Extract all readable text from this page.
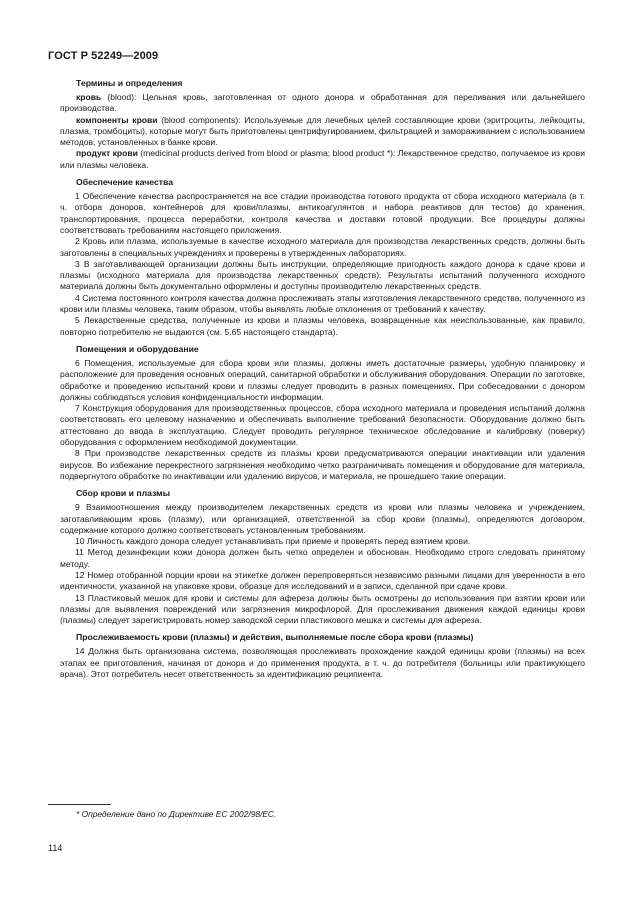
ГОСТ Р 52249—2009
Термины и определения

кровь (blood): Цельная кровь, заготовленная от одного донора и обработанная для переливания или дальнейшего производства.

компоненты крови (blood components): Используемые для лечебных целей составляющие крови (эритроциты, лейкоциты, плазма, тромбоциты), которые могут быть приготовлены центрифугированием, фильтрацией и замораживанием с использованием методов, установленных в банке крови.

продукт крови (medicinal products derived from blood or plasma; blood product *): Лекарственное средство, получаемое из крови или плазмы человека.

Обеспечение качества

1 Обеспечение качества распространяется на все стадии производства готового продукта от сбора исходного материала (в т. ч. отбора доноров, контейнеров для крови/плазмы, антикоагулянтов и набора реактивов для тестов) до хранения, транспортирования, процесса переработки, контроля качества и доставки готовой продукции. Все процедуры должны соответствовать требованиям настоящего приложения.

2 Кровь или плазма, используемые в качестве исходного материала для производства лекарственных средств, должны быть заготовлены в специальных учреждениях и проверены в утвержденных лабораториях.

3 В заготавливающей организации должны быть инструкции, определяющие пригодность каждого донора к сдаче крови и плазмы (исходного материала для производства лекарственных средств). Результаты испытаний полученного исходного материала должны быть документально оформлены и доступны производителю лекарственных средств.

4 Система постоянного контроля качества должна прослеживать этапы изготовления лекарственного средства, полученного из крови или плазмы человека, таким образом, чтобы выявлять любые отклонения от требований к качеству.

5 Лекарственные средства, полученные из крови и плазмы человека, возвращенные как неиспользованные, как правило, повторно потребителю не выдаются (см. 5.65 настоящего стандарта).

Помещения и оборудование

6 Помещения, используемые для сбора крови или плазмы, должны иметь достаточные размеры, удобную планировку и расположение для проведения основных операций, санитарной обработки и обслуживания оборудования. Операции по заготовке, обработке и проведению испытаний крови и плазмы следует проводить в разных помещениях. При собеседовании с донором должны соблюдаться условия конфиденциальности информации.

7 Конструкция оборудования для производственных процессов, сбора исходного материала и проведения испытаний должна соответствовать его целевому назначению и обеспечивать выполнение требований безопасности. Оборудование должно быть аттестовано до ввода в эксплуатацию. Следует проводить регулярное техническое обследование и калибровку (поверку) оборудования с оформлением необходимой документации.

8 При производстве лекарственных средств из плазмы крови предусматриваются операции инактивации или удаления вирусов. Во избежание перекрестного загрязнения необходимо четко разграничивать помещения и оборудование для материала, подвергнутого обработке по инактивации или удалению вирусов, и материала, не прошедшего такие операции.

Сбор крови и плазмы

9 Взаимоотношения между производителем лекарственных средств из крови или плазмы человека и учреждением, заготавливающим кровь (плазму), или организацией, ответственной за сбор крови (плазмы), определяются договором, содержание которого должно соответствовать установленным требованиям.

10 Личность каждого донора следует устанавливать при приеме и проверять перед взятием крови.

11 Метод дезинфекции кожи донора должен быть четко определен и обоснован. Необходимо строго следовать принятому методу.

12 Номер отобранной порции крови на этикетке должен перепроверяться независимо разными лицами для уверенности в его идентичности, указанной на упаковке крови, образце для исследований и в записи, сделанной при сдаче крови.

13 Пластиковый мешок для крови и системы для афереза должны быть осмотрены до использования при взятии крови или плазмы для выявления повреждений или загрязнения микрофлорой. Для прослеживания движения каждой единицы крови (плазмы) следует зарегистрировать номер заводской серии пластикового мешка и системы для афереза.

Прослеживаемость крови (плазмы) и действия, выполняемые после сбора крови (плазмы)

14 Должна быть организована система, позволяющая прослеживать прохождение каждой единицы крови (плазмы) на всех этапах ее приготовления, начиная от донора и до применения продукта, в т. ч. до потребителя (больницы или практикующего врача). Этот потребитель несет ответственность за идентификацию реципиента.

* Определение дано по Директиве ЕС 2002/98/ЕС.
114
